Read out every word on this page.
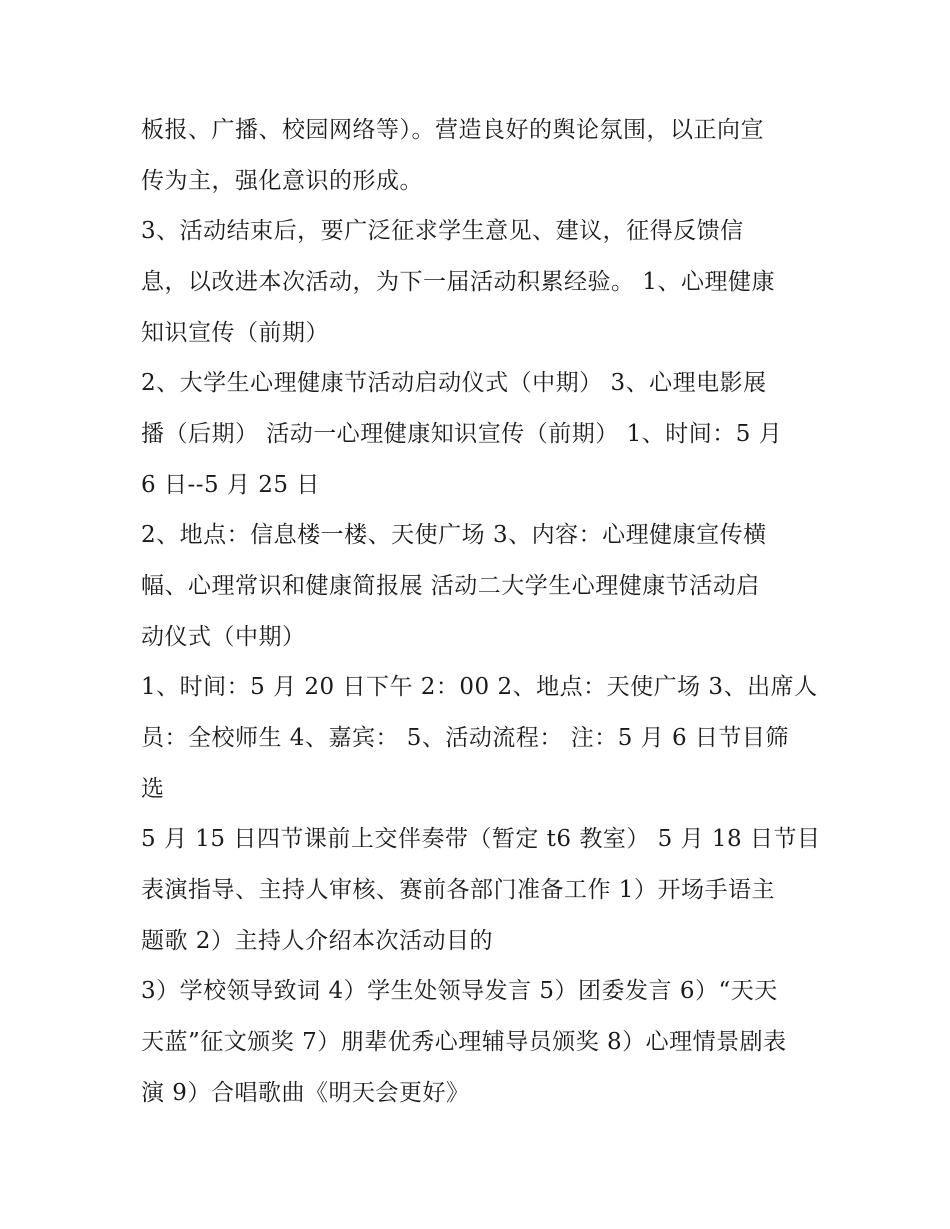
板报、广播、校园网络等）。营造良好的舆论氛围，以正向宣
传为主，强化意识的形成。
3、活动结束后，要广泛征求学生意见、建议，征得反馈信
息，以改进本次活动，为下一届活动积累经验。 1、心理健康
知识宣传（前期）
2、大学生心理健康节活动启动仪式（中期） 3、心理电影展
播（后期） 活动一心理健康知识宣传（前期） 1、时间：5 月
6 日--5 月 25 日
2、地点：信息楼一楼、天使广场 3、内容：心理健康宣传横
幅、心理常识和健康简报展 活动二大学生心理健康节活动启
动仪式（中期）
1、时间：5 月 20 日下午 2：00 2、地点：天使广场 3、出席人
员：全校师生 4、嘉宾： 5、活动流程： 注：5 月 6 日节目筛
选
5 月 15 日四节课前上交伴奏带（暂定 t6 教室） 5 月 18 日节目
表演指导、主持人审核、赛前各部门准备工作 1）开场手语主
题歌 2）主持人介绍本次活动目的
3）学校领导致词 4）学生处领导发言 5）团委发言 6）“天天
天蓝”征文颁奖 7）朋辈优秀心理辅导员颁奖 8）心理情景剧表
演 9）合唱歌曲《明天会更好》
